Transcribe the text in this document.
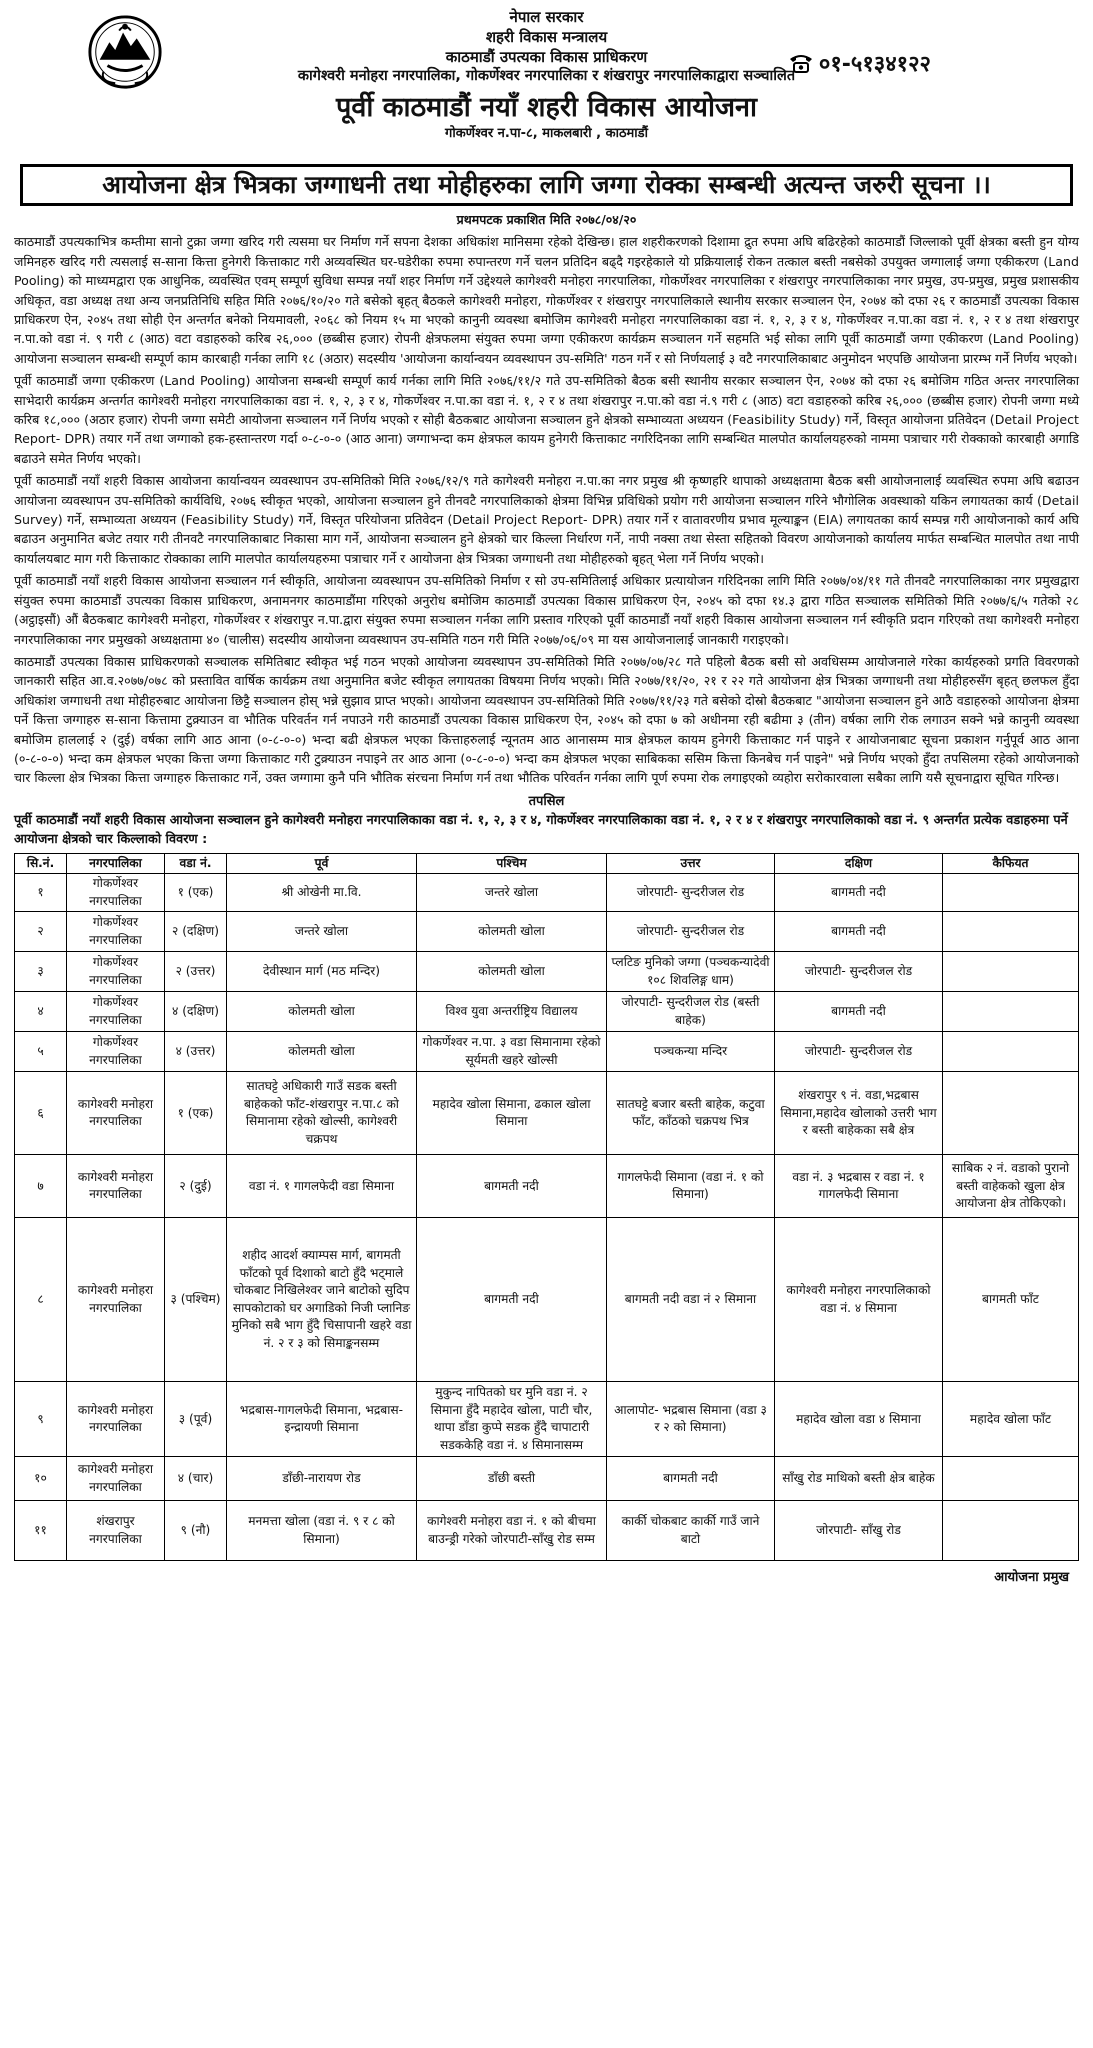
नेपाल सरकार
शहरी विकास मन्त्रालय
काठमाडौं उपत्यका विकास प्राधिकरण
कागेश्वरी मनोहरा नगरपालिका, गोकर्णेश्वर नगरपालिका र शंखरापुर नगरपालिकाद्वारा सञ्चालित
पूर्वी काठमाडौं नयाँ शहरी विकास आयोजना
गोकर्णेश्वर न.पा-८, माकलबारी , काठमाडौं
०१-५१३४१२२
आयोजना क्षेत्र भित्रका जग्गाधनी तथा मोहीहरुका लागि जग्गा रोक्का सम्बन्धी अत्यन्त जरुरी सूचना ।।
प्रथमपटक प्रकाशित मिति २०७८/०४/२०

काठमाडौं उपत्यकाभित्र कम्तीमा सानो टुक्रा जग्गा खरिद गरी त्यसमा घर निर्माण गर्ने सपना देशका अधिकांश मानिसमा रहेको देखिन्छ। हाल शहरीकरणको दिशामा द्रुत रुपमा अघि बढिरहेको काठमाडौं जिल्लाको पूर्वी क्षेत्रका बस्ती हुन योग्य जमिनहरु खरिद गरी त्यसलाई स-साना कित्ता हुनेगरी कित्ताकाट गरी अव्यवस्थित घर-घडेरीका रुपमा रुपान्तरण गर्ने चलन प्रतिदिन बढ्दै गइरहेकाले यो प्रक्रियालाई रोकन तत्काल बस्ती नबसेको उपयुक्त जग्गालाई जग्गा एकीकरण (Land Pooling) को माध्यमद्वारा एक आधुनिक, व्यवस्थित एवम् सम्पूर्ण सुविधा सम्पन्न नयाँ शहर निर्माण गर्ने उद्देश्यले कागेश्वरी मनोहरा नगरपालिका, गोकर्णेश्वर नगरपालिका र शंखरापुर नगरपालिकाका नगर प्रमुख, उप-प्रमुख, प्रमुख प्रशासकीय अधिकृत, वडा अध्यक्ष तथा अन्य जनप्रतिनिधि सहित मिति २०७६/१०/२० गते बसेको बृहत् बैठकले कागेश्वरी मनोहरा, गोकर्णेश्वर र शंखरापुर नगरपालिकाले स्थानीय सरकार सञ्चालन ऐन, २०७४ को दफा २६ र काठमाडौं उपत्यका विकास प्राधिकरण ऐन, २०४५ तथा सोही ऐन अन्तर्गत बनेको नियमावली, २०६८ को नियम १५ मा भएको कानुनी व्यवस्था बमोजिम कागेश्वरी मनोहरा नगरपालिकाका वडा नं. १, २, ३ र ४, गोकर्णेश्वर न.पा.का वडा नं. १, २ र ४ तथा शंखरापुर न.पा.को वडा नं. ९ गरी ८ (आठ) वटा वडाहरुको करिब २६,००० (छब्बीस हजार) रोपनी क्षेत्रफलमा संयुक्त रुपमा जग्गा एकीकरण कार्यक्रम सञ्चालन गर्ने सहमति भई सोका लागि पूर्वी काठमाडौं जग्गा एकीकरण (Land Pooling) आयोजना सञ्चालन सम्बन्धी सम्पूर्ण काम कारबाही गर्नका लागि १८ (अठार) सदस्यीय 'आयोजना कार्यान्वयन व्यवस्थापन उप-समिति' गठन गर्ने र सो निर्णयलाई ३ वटै नगरपालिकाबाट अनुमोदन भएपछि आयोजना प्रारम्भ गर्ने निर्णय भएको।

पूर्वी काठमाडौं जग्गा एकीकरण (Land Pooling) आयोजना सम्बन्धी सम्पूर्ण कार्य गर्नका लागि मिति २०७६/११/२ गते उप-समितिको बैठक बसी स्थानीय सरकार सञ्चालन ऐन, २०७४ को दफा २६ बमोजिम गठित अन्तर नगरपालिका साभेदारी कार्यक्रम अन्तर्गत कागेश्वरी मनोहरा नगरपालिकाका वडा नं. १, २, ३ र ४, गोकर्णेश्वर न.पा.का वडा नं. १, २ र ४ तथा शंखरापुर न.पा.को वडा नं.९ गरी ८ (आठ) वटा वडाहरुको करिब २६,००० (छब्बीस हजार) रोपनी जग्गा मध्ये करिब १८,००० (अठार हजार) रोपनी जग्गा समेटी आयोजना सञ्चालन गर्ने निर्णय भएको र सोही बैठकबाट आयोजना सञ्चालन हुने क्षेत्रको सम्भाव्यता अध्ययन (Feasibility Study) गर्ने, विस्तृत आयोजना प्रतिवेदन (Detail Project Report- DPR) तयार गर्ने तथा जग्गाको हक-हस्तान्तरण गर्दा ०-८-०-० (आठ आना) जग्गाभन्दा कम क्षेत्रफल कायम हुनेगरी कित्ताकाट नगरिदिनका लागि सम्बन्धित मालपोत कार्यालयहरुको नाममा पत्राचार गरी रोक्काको कारबाही अगाडि बढाउने समेत निर्णय भएको।

पूर्वी काठमाडौं नयाँ शहरी विकास आयोजना कार्यान्वयन व्यवस्थापन उप-समितिको मिति २०७६/१२/९ गते कागेश्वरी मनोहरा न.पा.का नगर प्रमुख श्री कृष्णहरि थापाको अध्यक्षतामा बैठक बसी आयोजनालाई व्यवस्थित रुपमा अघि बढाउन आयोजना व्यवस्थापन उप-समितिको कार्यविधि, २०७६ स्वीकृत भएको, आयोजना सञ्चालन हुने तीनवटै नगरपालिकाको क्षेत्रमा विभिन्न प्रविधिको प्रयोग गरी आयोजना सञ्चालन गरिने भौगोलिक अवस्थाको यकिन लगायतका कार्य (Detail Survey) गर्ने, सम्भाव्यता अध्ययन (Feasibility Study) गर्ने, विस्तृत परियोजना प्रतिवेदन (Detail Project Report- DPR) तयार गर्ने र वातावरणीय प्रभाव मूल्याङ्कन (EIA) लगायतका कार्य सम्पन्न गरी आयोजनाको कार्य अघि बढाउन अनुमानित बजेट तयार गरी तीनवटै नगरपालिकाबाट निकासा माग गर्ने, आयोजना सञ्चालन हुने क्षेत्रको चार किल्ला निर्धारण गर्ने, नापी नक्सा तथा सेस्ता सहितको विवरण आयोजनाको कार्यालय मार्फत सम्बन्धित मालपोत तथा नापी कार्यालयबाट माग गरी कित्ताकाट रोक्काका लागि मालपोत कार्यालयहरुमा पत्राचार गर्ने र आयोजना क्षेत्र भित्रका जग्गाधनी तथा मोहीहरुको बृहत् भेला गर्ने निर्णय भएको।

पूर्वी काठमाडौं नयाँ शहरी विकास आयोजना सञ्चालन गर्न स्वीकृति, आयोजना व्यवस्थापन उप-समितिको निर्माण र सो उप-समितिलाई अधिकार प्रत्यायोजन गरिदिनका लागि मिति २०७७/०४/११ गते तीनवटै नगरपालिकाका नगर प्रमुखद्वारा संयुक्त रुपमा काठमाडौं उपत्यका विकास प्राधिकरण, अनामनगर काठमाडौंमा गरिएको अनुरोध बमोजिम काठमाडौं उपत्यका विकास प्राधिकरण ऐन, २०४५ को दफा १४.३ द्वारा गठित सञ्चालक समितिको मिति २०७७/६/५ गतेको २८ (अट्ठाइसौं) औं बैठकबाट कागेश्वरी मनोहरा, गोकर्णेश्वर र शंखरापुर न.पा.द्वारा संयुक्त रुपमा सञ्चालन गर्नका लागि प्रस्ताव गरिएको पूर्वी काठमाडौं नयाँ शहरी विकास आयोजना सञ्चालन गर्न स्वीकृति प्रदान गरिएको तथा कागेश्वरी मनोहरा नगरपालिकाका नगर प्रमुखको अध्यक्षतामा ४० (चालीस) सदस्यीय आयोजना व्यवस्थापन उप-समिति गठन गरी मिति २०७७/०६/०९ मा यस आयोजनालाई जानकारी गराइएको।

काठमाडौं उपत्यका विकास प्राधिकरणको सञ्चालक समितिबाट स्वीकृत भई गठन भएको आयोजना व्यवस्थापन उप-समितिको मिति २०७७/०७/२८ गते पहिलो बैठक बसी सो अवधिसम्म आयोजनाले गरेका कार्यहरुको प्रगति विवरणको जानकारी सहित आ.व.२०७७/०७८ को प्रस्तावित वार्षिक कार्यक्रम तथा अनुमानित बजेट स्वीकृत लगायतका विषयमा निर्णय भएको। मिति २०७७/११/२०, २१ र २२ गते आयोजना क्षेत्र भित्रका जग्गाधनी तथा मोहीहरुसँग बृहत् छलफल हुँदा अधिकांश जग्गाधनी तथा मोहीहरुबाट आयोजना छिट्टै सञ्चालन होस् भन्ने सुझाव प्राप्त भएको। आयोजना व्यवस्थापन उप-समितिको मिति २०७७/११/२३ गते बसेको दोस्रो बैठकबाट "आयोजना सञ्चालन हुने आठै वडाहरुको आयोजना क्षेत्रमा पर्ने कित्ता जग्गाहरु स-साना कित्तामा टुक्र्याउन वा भौतिक परिवर्तन गर्न नपाउने गरी काठमाडौं उपत्यका विकास प्राधिकरण ऐन, २०४५ को दफा ७ को अधीनमा रही बढीमा ३ (तीन) वर्षका लागि रोक लगाउन सक्ने भन्ने कानुनी व्यवस्था बमोजिम हाललाई २ (दुई) वर्षका लागि आठ आना (०-८-०-०) भन्दा बढी क्षेत्रफल भएका कित्ताहरुलाई न्यूनतम आठ आनासम्म मात्र क्षेत्रफल कायम हुनेगरी कित्ताकाट गर्न पाइने र आयोजनाबाट सूचना प्रकाशन गर्नुपूर्व आठ आना (०-८-०-०) भन्दा कम क्षेत्रफल भएका कित्ता जग्गा कित्ताकाट गरी टुक्र्याउन नपाइने तर आठ आना (०-८-०-०) भन्दा कम क्षेत्रफल भएका साबिकका ससिम कित्ता किनबेच गर्न पाइने" भन्ने निर्णय भएको हुँदा तपसिलमा रहेको आयोजनाको चार किल्ला क्षेत्र भित्रका कित्ता जग्गाहरु कित्ताकाट गर्ने, उक्त जग्गामा कुनै पनि भौतिक संरचना निर्माण गर्न तथा भौतिक परिवर्तन गर्नका लागि पूर्ण रुपमा रोक लगाइएको व्यहोरा सरोकारवाला सबैका लागि यसै सूचनाद्वारा सूचित गरिन्छ।

तपसिल
पूर्वी काठमाडौं नयाँ शहरी विकास आयोजना सञ्चालन हुने कागेश्वरी मनोहरा नगरपालिकाका वडा नं. १, २, ३ र ४, गोकर्णेश्वर नगरपालिकाका वडा नं. १, २ र ४ र शंखरापुर नगरपालिकाको वडा नं. ९ अन्तर्गत प्रत्येक वडाहरुमा पर्ने आयोजना क्षेत्रको चार किल्लाको विवरण :
सि.नं.	नगरपालिका	वडा नं.	पूर्व	पश्चिम	उत्तर	दक्षिण	कैफियत
१	गोकर्णेश्वर नगरपालिका	१ (एक)	श्री ओखेनी मा.वि.	जन्तरे खोला	जोरपाटी- सुन्दरीजल रोड	बागमती नदी	
२	गोकर्णेश्वर नगरपालिका	२ (दक्षिण)	जन्तरे खोला	कोलमती खोला	जोरपाटी- सुन्दरीजल रोड	बागमती नदी	
३	गोकर्णेश्वर नगरपालिका	२ (उत्तर)	देवीस्थान मार्ग (मठ मन्दिर)	कोलमती खोला	प्लटिङ मुनिको जग्गा (पञ्चकन्यादेवी १०८ शिवलिङ्ग धाम)	जोरपाटी- सुन्दरीजल रोड	
४	गोकर्णेश्वर नगरपालिका	४ (दक्षिण)	कोलमती खोला	विश्व युवा अन्तर्राष्ट्रिय विद्यालय	जोरपाटी- सुन्दरीजल रोड (बस्ती बाहेक)	बागमती नदी	
५	गोकर्णेश्वर नगरपालिका	४ (उत्तर)	कोलमती खोला	गोकर्णेश्वर न.पा. ३ वडा सिमानामा रहेको सूर्यमती खहरे खोल्सी	पञ्चकन्या मन्दिर	जोरपाटी- सुन्दरीजल रोड	
६	कागेश्वरी मनोहरा नगरपालिका	१ (एक)	सातघट्टे अधिकारी गाउँ सडक बस्ती बाहेकको फाँट-शंखरापुर न.पा.८ को सिमानामा रहेको खोल्सी, कागेश्वरी चक्रपथ	महादेव खोला सिमाना, ढकाल खोला सिमाना	सातघट्टे बजार बस्ती बाहेक, कटुवा फाँट, काँठको चक्रपथ भित्र	शंखरापुर ९ नं. वडा,भद्रबास सिमाना,महादेव खोलाको उत्तरी भाग र बस्ती बाहेकका सबै क्षेत्र	
७	कागेश्वरी मनोहरा नगरपालिका	२ (दुई)	वडा नं. १ गागलफेदी वडा सिमाना	बागमती नदी	गागलफेदी सिमाना (वडा नं. १ को सिमाना)	वडा नं. ३ भद्रबास र वडा नं. १ गागलफेदी सिमाना	साबिक २ नं. वडाको पुरानो बस्ती वाहेकको खुला क्षेत्र आयोजना क्षेत्र तोकिएको।
८	कागेश्वरी मनोहरा नगरपालिका	३ (पश्चिम)	शहीद आदर्श क्याम्पस मार्ग, बागमती फाँटको पूर्व दिशाको बाटो हुँदै भट्माले चोकबाट निखिलेश्वर जाने बाटोको सुदिप सापकोटाको घर अगाडिको निजी प्लानिङ मुनिको सबै भाग हुँदै चिसापानी खहरे वडा नं. २ र ३ को सिमाङ्कनसम्म	बागमती नदी	बागमती नदी वडा नं २ सिमाना	कागेश्वरी मनोहरा नगरपालिकाको वडा नं. ४ सिमाना	बागमती फाँट
९	कागेश्वरी मनोहरा नगरपालिका	३ (पूर्व)	भद्रबास-गागलफेदी सिमाना, भद्रबास-इन्द्रायणी सिमाना	मुकुन्द नापितको घर मुनि वडा नं. २ सिमाना हुँदै महादेव खोला, पाटी चौर, थापा डाँडा कुप्पे सडक हुँदै चापाटारी सडककेहि वडा नं. ४ सिमानासम्म	आलापोट- भद्रबास सिमाना (वडा ३ र २ को सिमाना)	महादेव खोला वडा ४ सिमाना	महादेव खोला फाँट
१०	कागेश्वरी मनोहरा नगरपालिका	४ (चार)	डाँछी-नारायण रोड	डाँछी बस्ती	बागमती नदी	साँखु रोड माथिको बस्ती क्षेत्र बाहेक	
११	शंखरापुर नगरपालिका	९ (नौ)	मनमत्ता खोला (वडा नं. ९ र ८ को सिमाना)	कागेश्वरी मनोहरा वडा नं. १ को बीचमा बाउन्ड्री गरेको जोरपाटी-साँखु रोड सम्म	कार्की चोकबाट कार्की गाउँ जाने बाटो	जोरपाटी- साँखु रोड	
आयोजना प्रमुख
